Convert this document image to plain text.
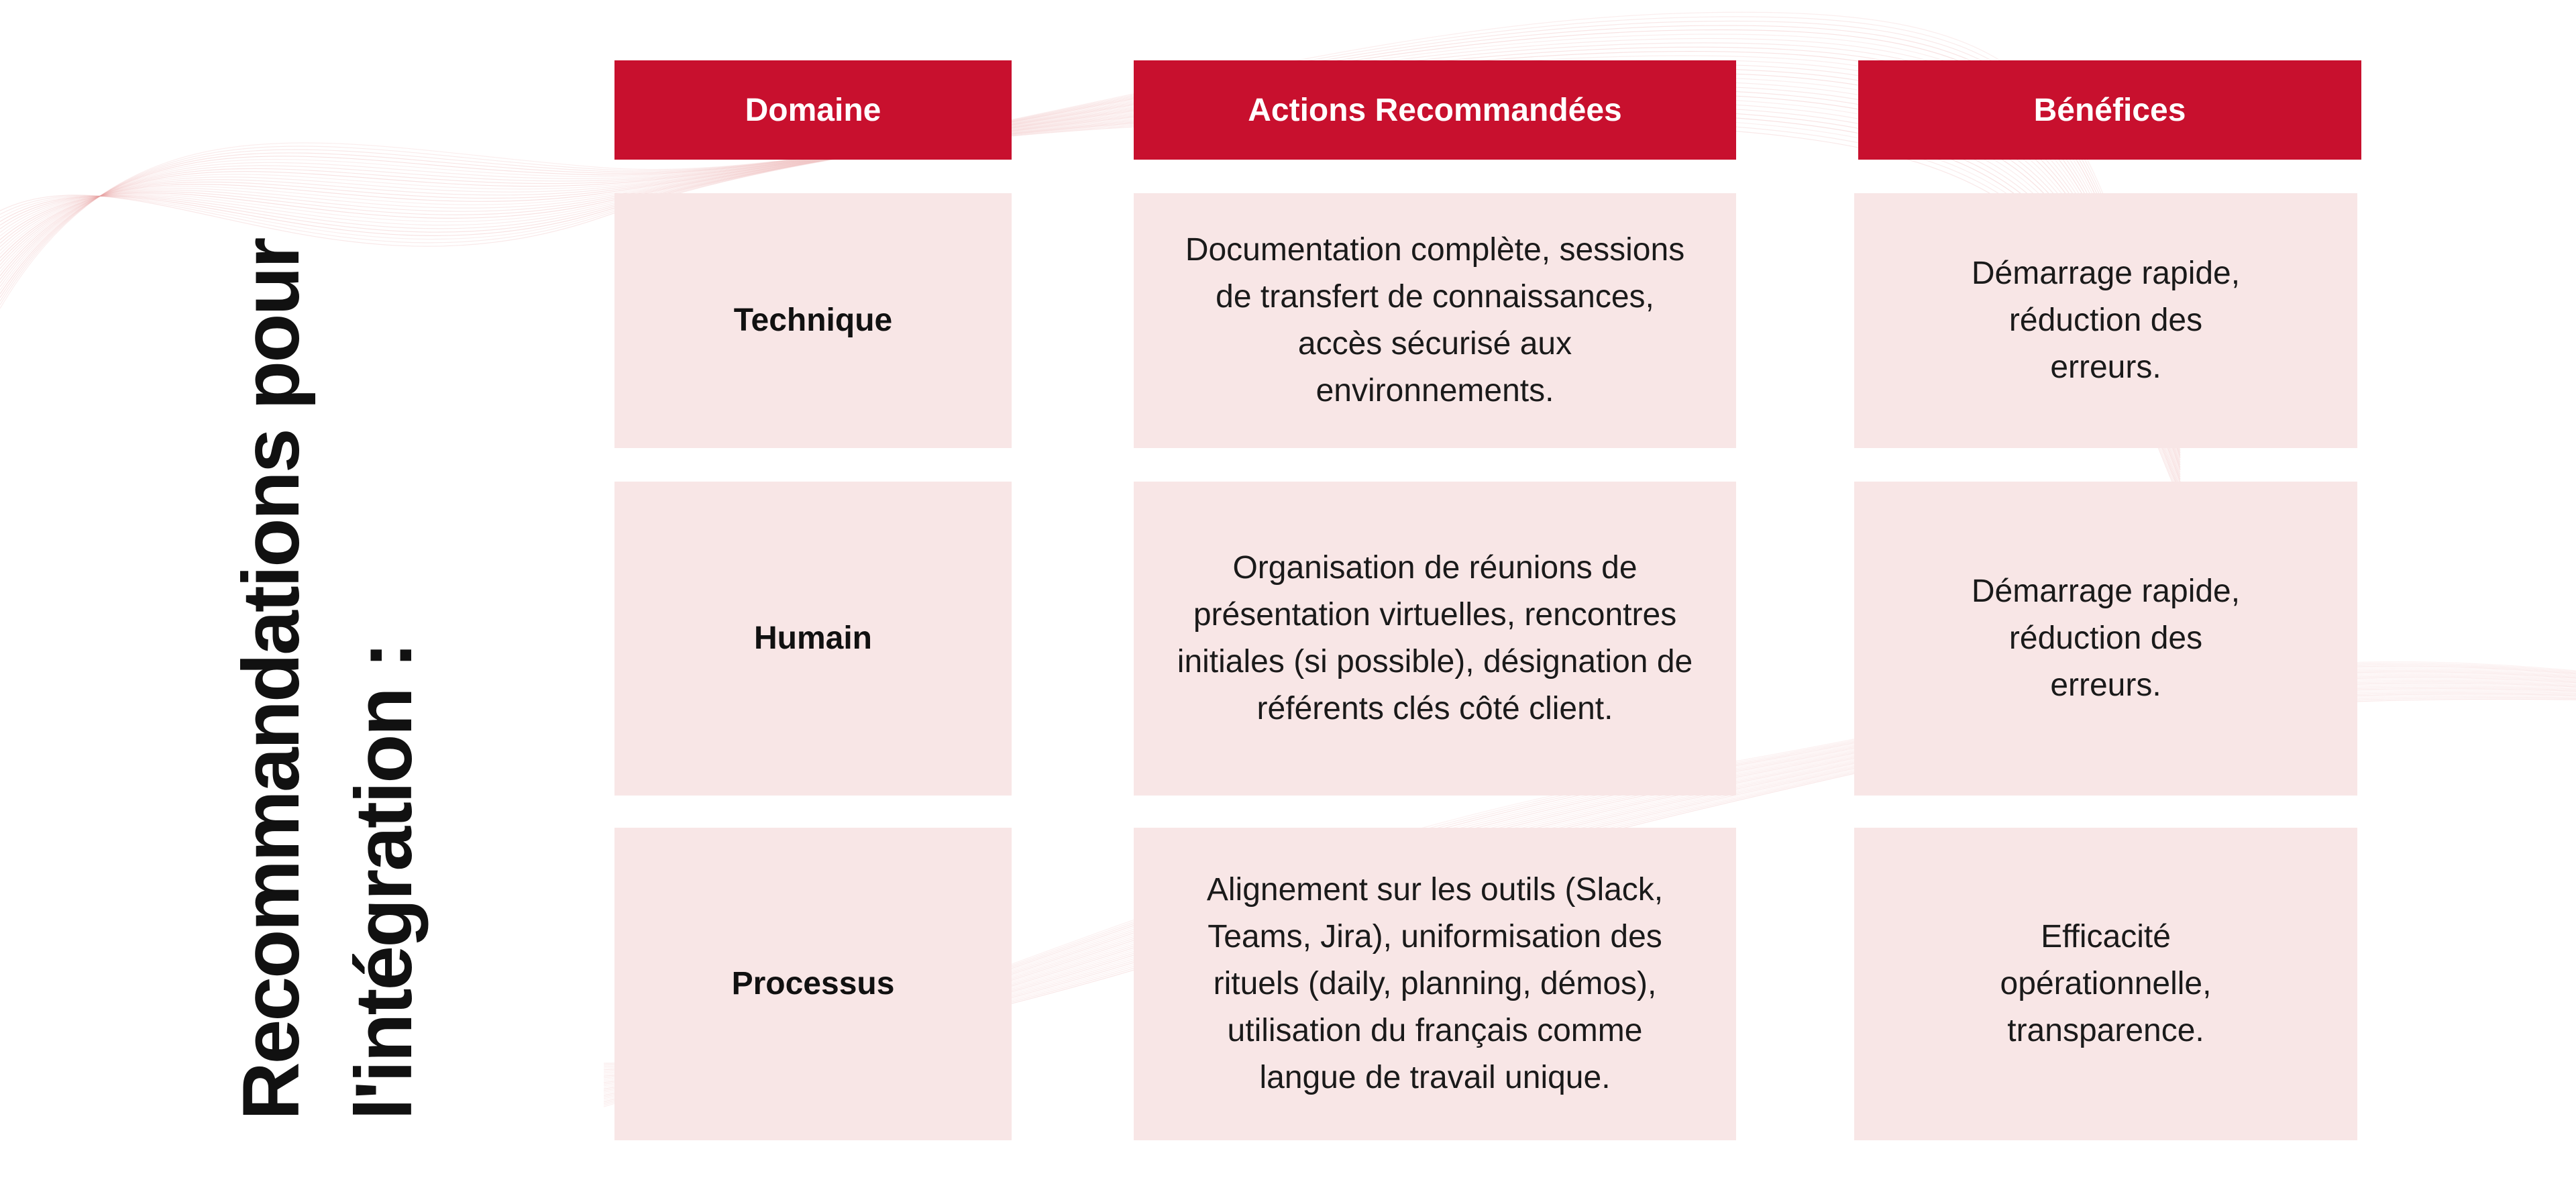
Recommandations pour l'intégration :
Domaine	Actions Recommandées	Bénéfices

Technique

Documentation complète, sessions de transfert de connaissances, accès sécurisé aux environnements.

Démarrage rapide, réduction des erreurs.

Humain

Organisation de réunions de présentation virtuelles, rencontres initiales (si possible), désignation de référents clés côté client.

Démarrage rapide, réduction des erreurs.

Processus

Alignement sur les outils (Slack, Teams, Jira), uniformisation des rituels (daily, planning, démos), utilisation du français comme langue de travail unique.

Efficacité opérationnelle, transparence.
